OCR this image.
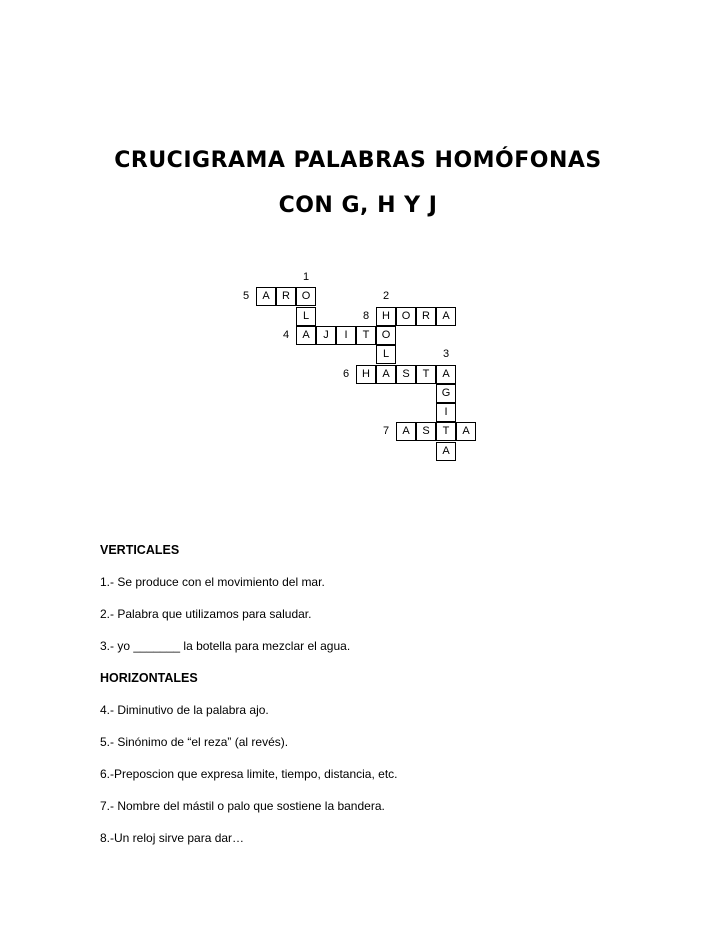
CRUCIGRAMA PALABRAS HOMÓFONAS
CON G, H Y J
A	R	O
L	H	O	R	A
A	J	I	T	O
L
H	A	S	T	A
G
I
A	S	T	A
A
1
5	2
8
4
3
6
7
VERTICALES
1.- Se produce con el movimiento del mar.
2.- Palabra que utilizamos para saludar.
3.- yo _______ la botella para mezclar el agua.
HORIZONTALES
4.- Diminutivo de la palabra ajo.
5.- Sinónimo de “el reza” (al revés).
6.-Preposcion que expresa limite, tiempo, distancia, etc.
7.- Nombre del mástil o palo que sostiene la bandera.
8.-Un reloj sirve para dar…
